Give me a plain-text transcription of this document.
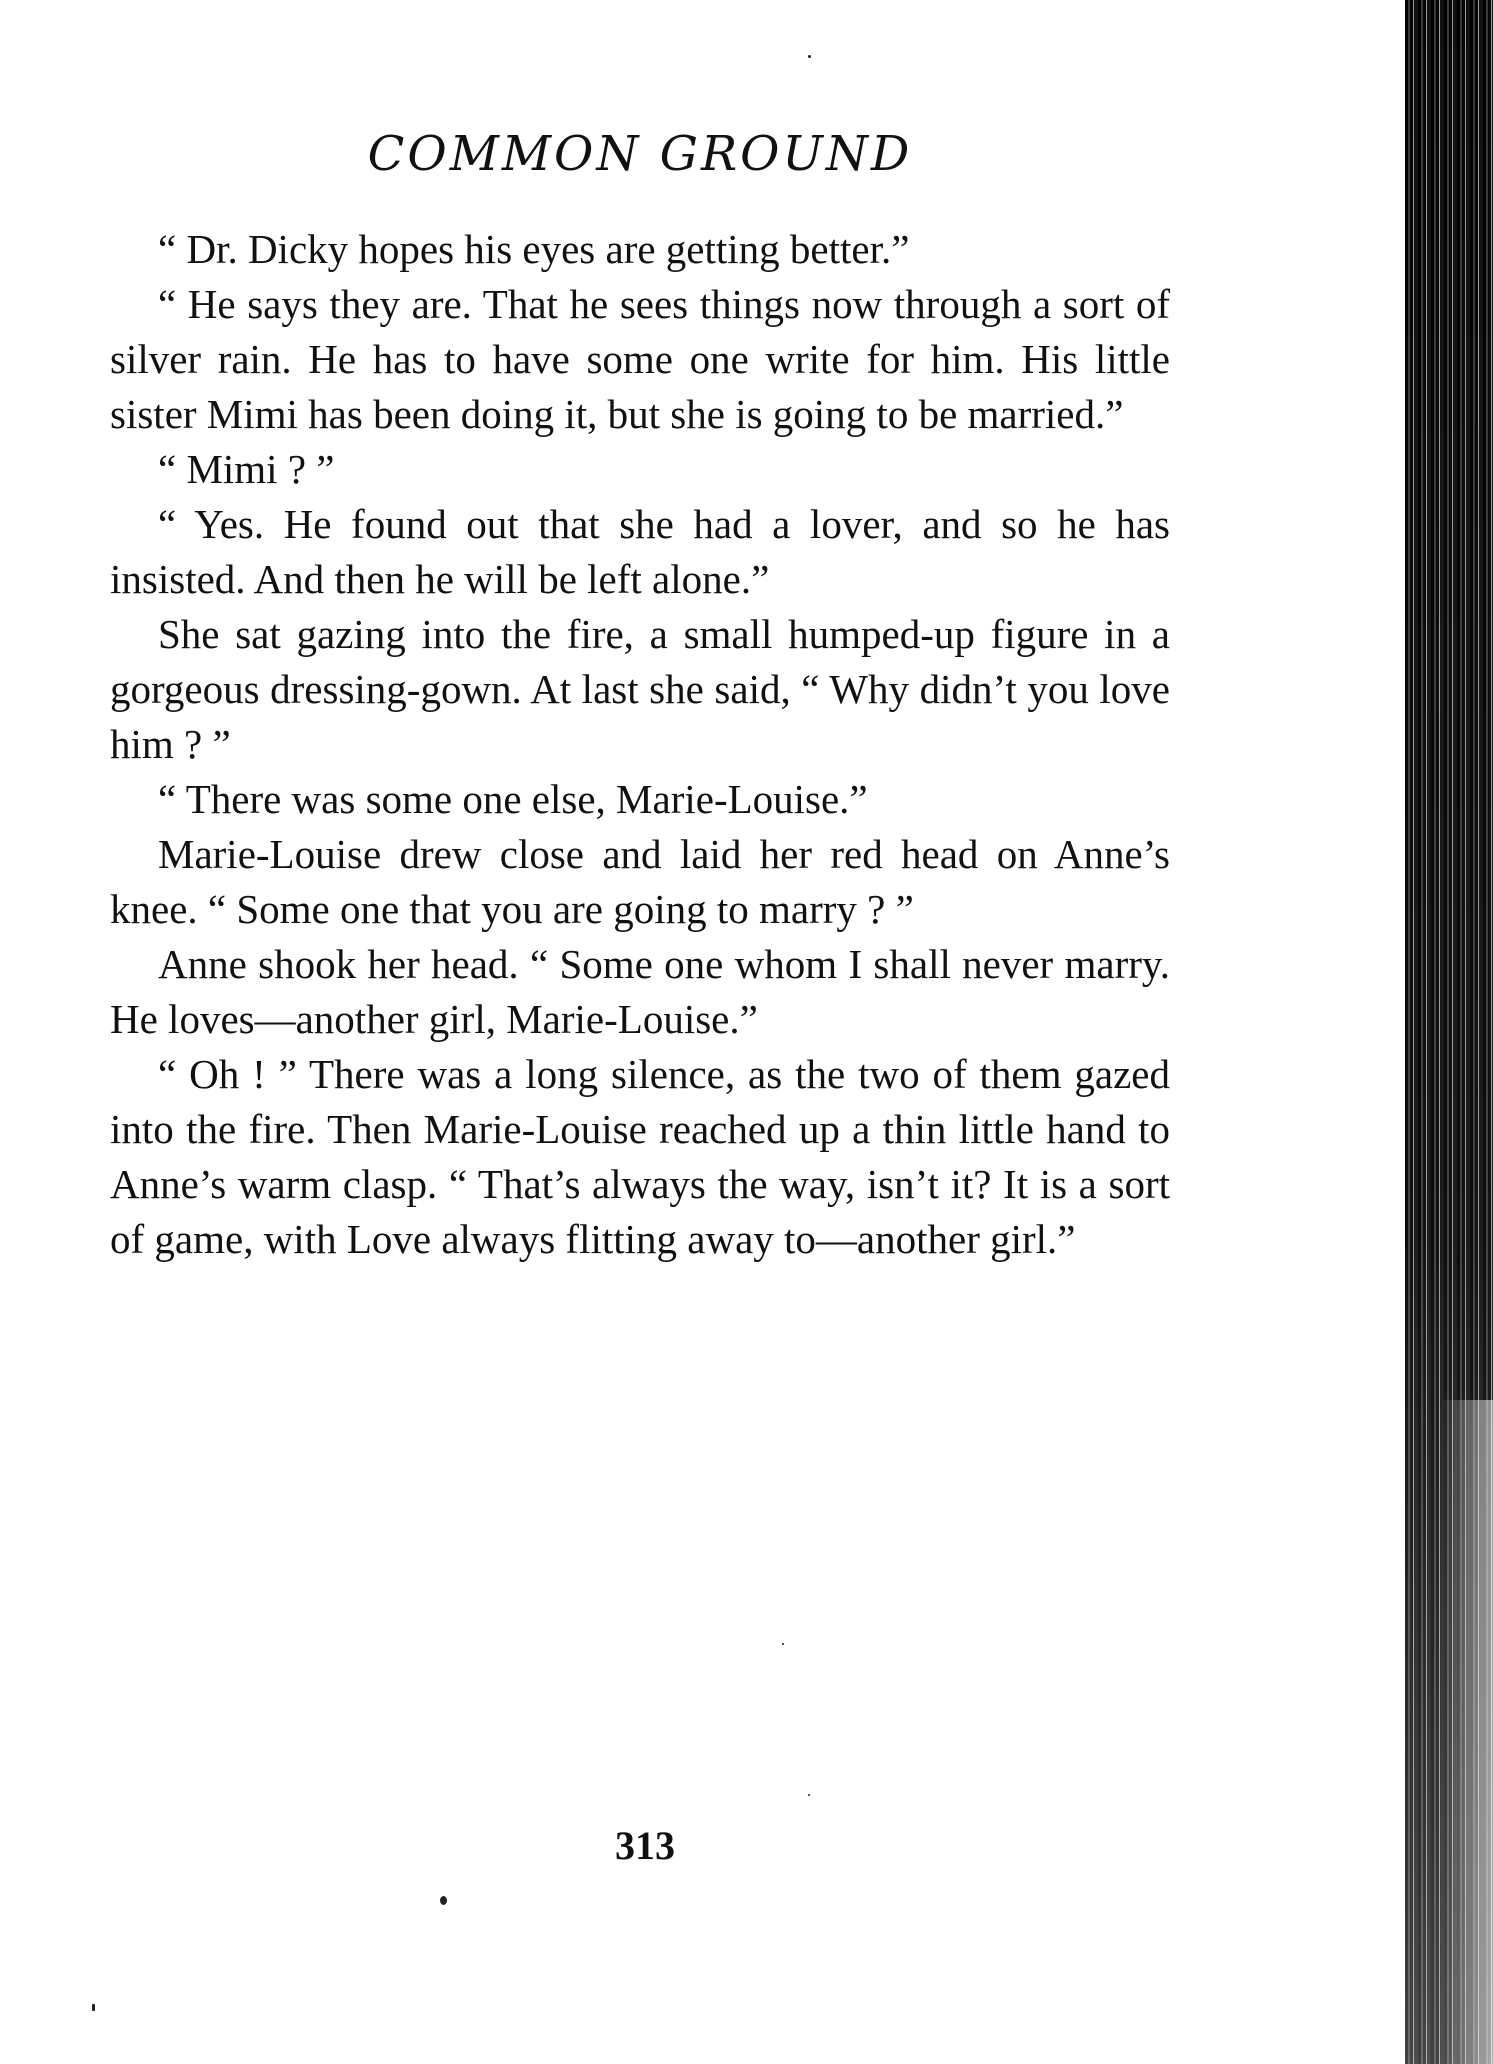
COMMON GROUND

“ Dr. Dicky hopes his eyes are getting better.”

“ He says they are. That he sees things now through a sort of silver rain. He has to have some one write for him. His little sister Mimi has been doing it, but she is going to be married.”

“ Mimi ? ”

“ Yes. He found out that she had a lover, and so he has insisted. And then he will be left alone.”

She sat gazing into the fire, a small humped-up figure in a gorgeous dressing-gown. At last she said, “ Why didn’t you love him ? ”

“ There was some one else, Marie-Louise.”

Marie-Louise drew close and laid her red head on Anne’s knee. “ Some one that you are going to marry ? ”

Anne shook her head. “ Some one whom I shall never marry. He loves—another girl, Marie-Louise.”

“ Oh ! ” There was a long silence, as the two of them gazed into the fire. Then Marie-Louise reached up a thin little hand to Anne’s warm clasp. “ That’s always the way, isn’t it? It is a sort of game, with Love always flitting away to—another girl.”

313
